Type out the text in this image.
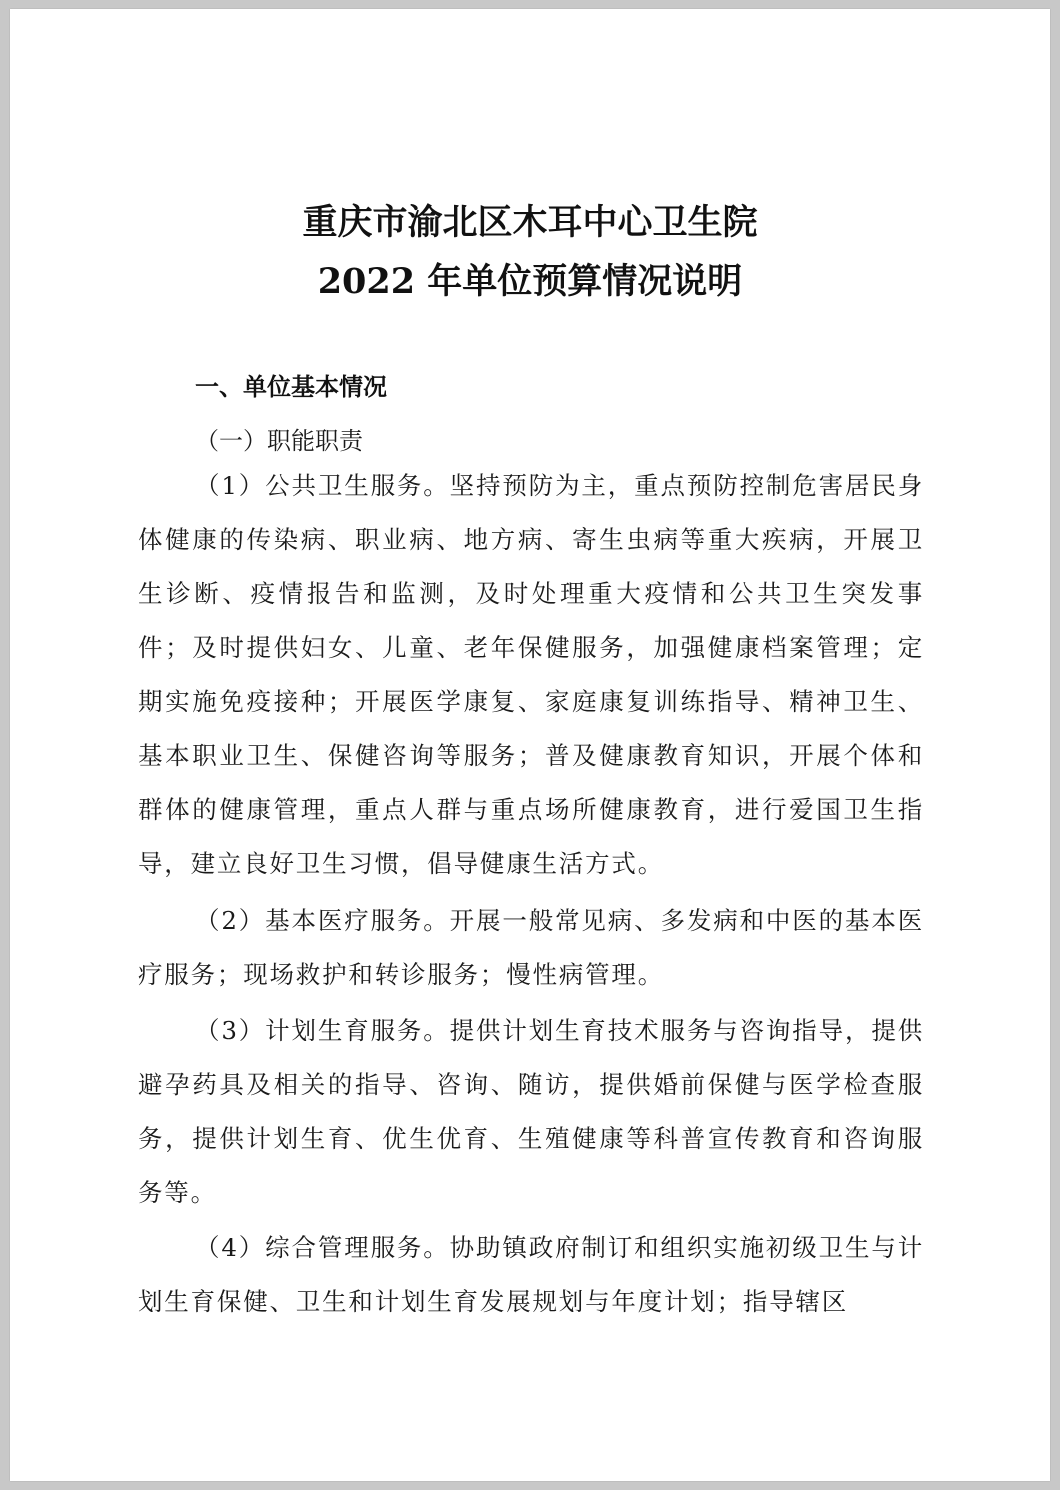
重庆市渝北区木耳中心卫生院
2022 年单位预算情况说明
一、单位基本情况
（一）职能职责

（1）公共卫生服务。坚持预防为主，重点预防控制危害居民身体健康的传染病、职业病、地方病、寄生虫病等重大疾病，开展卫生诊断、疫情报告和监测，及时处理重大疫情和公共卫生突发事件；及时提供妇女、儿童、老年保健服务，加强健康档案管理；定期实施免疫接种；开展医学康复、家庭康复训练指导、精神卫生、基本职业卫生、保健咨询等服务；普及健康教育知识，开展个体和群体的健康管理，重点人群与重点场所健康教育，进行爱国卫生指导，建立良好卫生习惯，倡导健康生活方式。

（2）基本医疗服务。开展一般常见病、多发病和中医的基本医疗服务；现场救护和转诊服务；慢性病管理。

（3）计划生育服务。提供计划生育技术服务与咨询指导，提供避孕药具及相关的指导、咨询、随访，提供婚前保健与医学检查服务，提供计划生育、优生优育、生殖健康等科普宣传教育和咨询服务等。

（4）综合管理服务。协助镇政府制订和组织实施初级卫生与计划生育保健、卫生和计划生育发展规划与年度计划；指导辖区
